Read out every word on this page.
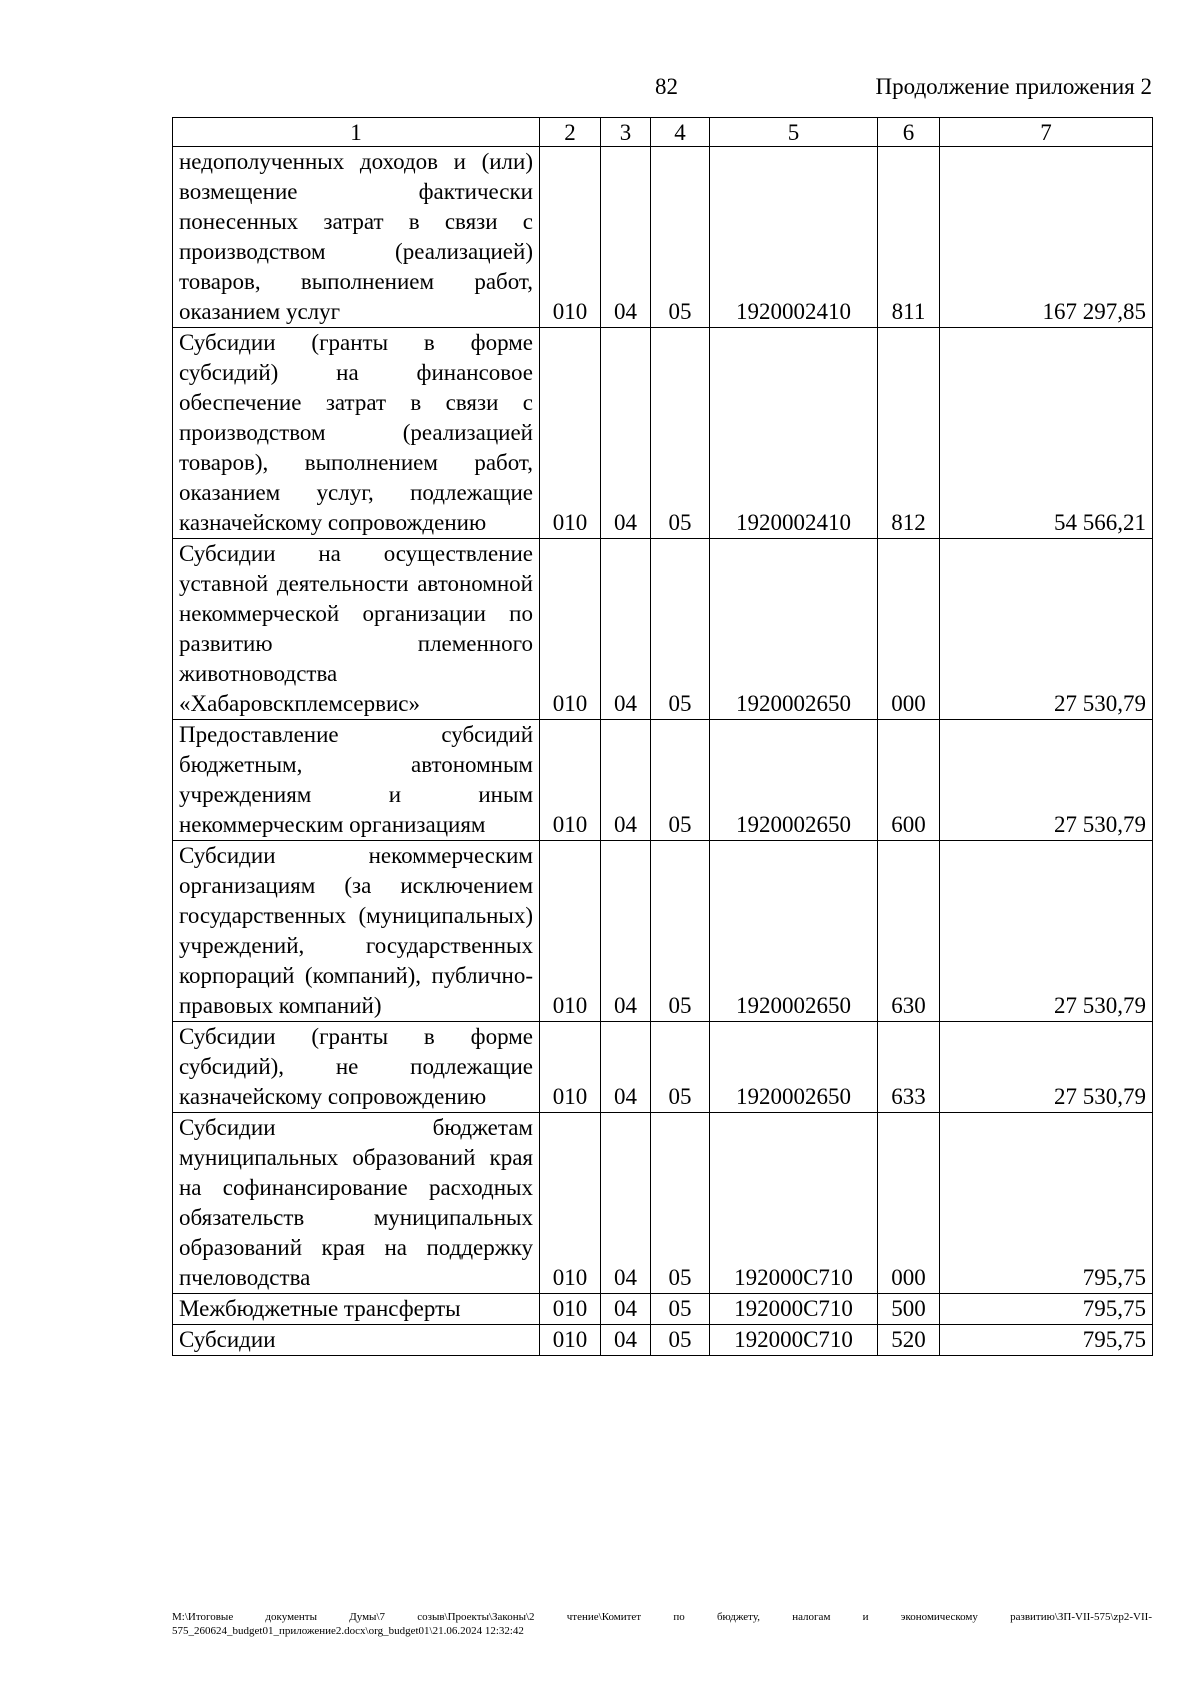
82	Продолжение приложения 2
1	2	3	4	5	6	7
недополученных доходов и (или) возмещение фактически понесенных затрат в связи с производством (реализацией) товаров, выполнением работ, оказанием услуг	010	04	05	1920002410	811	167 297,85
Субсидии (гранты в форме субсидий) на финансовое обеспечение затрат в связи с производством (реализацией товаров), выполнением работ, оказанием услуг, подлежащие казначейскому сопровождению	010	04	05	1920002410	812	54 566,21
Субсидии на осуществление уставной деятельности автономной некоммерческой организации по развитию племенного животноводства «Хабаровскплемсервис»	010	04	05	1920002650	000	27 530,79
Предоставление субсидий бюджетным, автономным учреждениям и иным некоммерческим организациям	010	04	05	1920002650	600	27 530,79
Субсидии некоммерческим организациям (за исключением государственных (муниципальных) учреждений, государственных корпораций (компаний), публично-правовых компаний)	010	04	05	1920002650	630	27 530,79
Субсидии (гранты в форме субсидий), не подлежащие казначейскому сопровождению	010	04	05	1920002650	633	27 530,79
Субсидии бюджетам муниципальных образований края на софинансирование расходных обязательств муниципальных образований края на поддержку пчеловодства	010	04	05	192000С710	000	795,75
Межбюджетные трансферты	010	04	05	192000С710	500	795,75
Субсидии	010	04	05	192000С710	520	795,75
М:\Итоговые документы Думы\7 созыв\Проекты\Законы\2 чтение\Комитет по бюджету, налогам и экономическому развитию\ЗП-VII-575\zp2-VII-575_260624_budget01_приложение2.docx\org_budget01\21.06.2024 12:32:42
